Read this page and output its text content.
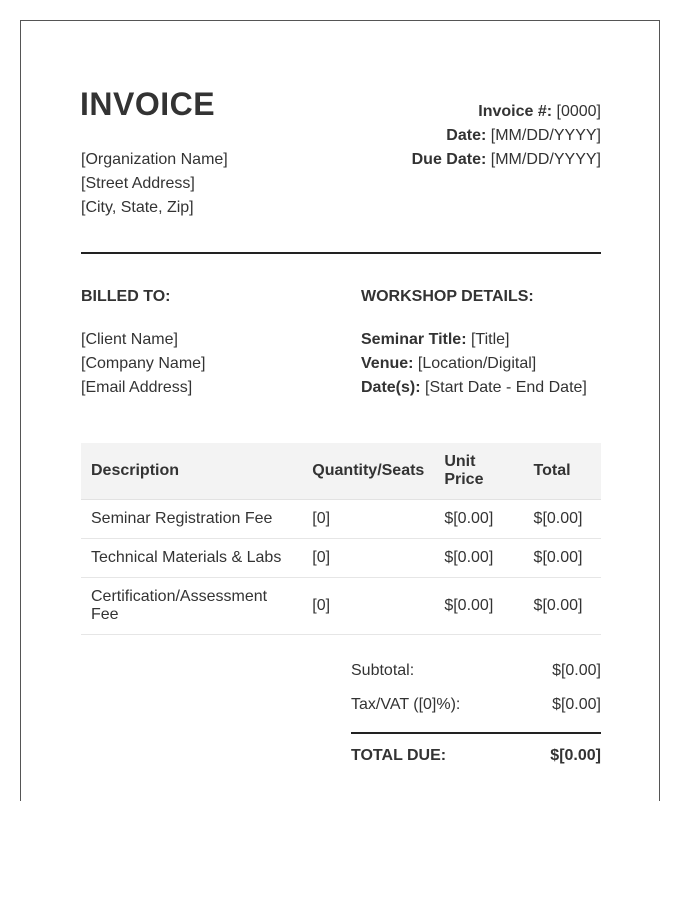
INVOICE
[Organization Name]
[Street Address]
[City, State, Zip]
Invoice #: [0000]
Date: [MM/DD/YYYY]
Due Date: [MM/DD/YYYY]
BILLED TO:	WORKSHOP DETAILS:
[Client Name]
[Company Name]
[Email Address]
Seminar Title: [Title]
Venue: [Location/Digital]
Date(s): [Start Date - End Date]
Description	Quantity/Seats	Unit Price	Total
Seminar Registration Fee	[0]	$[0.00]	$[0.00]
Technical Materials & Labs	[0]	$[0.00]	$[0.00]
Certification/Assessment Fee	[0]	$[0.00]	$[0.00]
Subtotal:	$[0.00]
Tax/VAT ([0]%):	$[0.00]
TOTAL DUE:	$[0.00]
